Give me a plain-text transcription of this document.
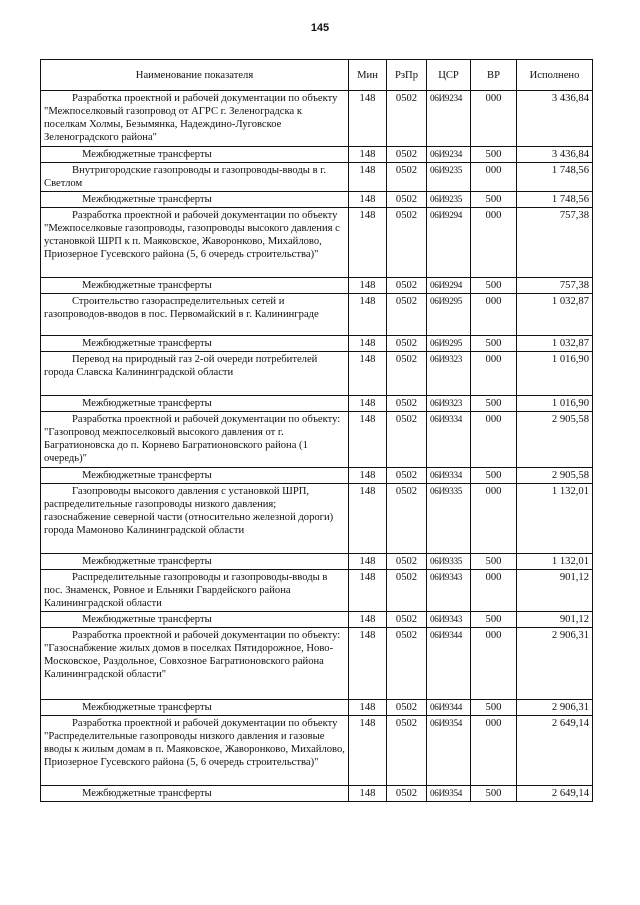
145
Наименование показателя	Мин	РзПр	ЦСР	ВР	Исполнено
Разработка проектной и рабочей документации по объекту "Межпоселковый газопровод от АГРС г. Зеленоградска к поселкам Холмы, Безымянка, Надеждино-Луговское Зеленоградского района"	148	0502	06И9234	000	3 436,84
Межбюджетные трансферты	148	0502	06И9234	500	3 436,84
Внутригородские газопроводы и газопроводы-вводы в г. Светлом	148	0502	06И9235	000	1 748,56
Межбюджетные трансферты	148	0502	06И9235	500	1 748,56
Разработка проектной и рабочей документации по объекту "Межпоселковые газопроводы, газопроводы высокого давления с установкой ШРП к п. Маяковское, Жаворонково, Михайлово, Приозерное Гусевского района (5, 6 очередь строительства)"	148	0502	06И9294	000	757,38
Межбюджетные трансферты	148	0502	06И9294	500	757,38
Строительство газораспределительных сетей и газопроводов-вводов в пос. Первомайский в г. Калининграде	148	0502	06И9295	000	1 032,87
Межбюджетные трансферты	148	0502	06И9295	500	1 032,87
Перевод на природный газ 2-ой очереди потребителей города Славска Калининградской области	148	0502	06И9323	000	1 016,90
Межбюджетные трансферты	148	0502	06И9323	500	1 016,90
Разработка проектной и рабочей документации по объекту: "Газопровод межпоселковый высокого давления от г. Багратионовска до п. Корнево Багратионовского района (1 очередь)"	148	0502	06И9334	000	2 905,58
Межбюджетные трансферты	148	0502	06И9334	500	2 905,58
Газопроводы высокого давления с установкой ШРП, распределительные газопроводы низкого давления; газоснабжение северной части (относительно железной дороги) города Мамоново Калининградской области	148	0502	06И9335	000	1 132,01
Межбюджетные трансферты	148	0502	06И9335	500	1 132,01
Распределительные газопроводы и газопроводы-вводы в пос. Знаменск, Ровное и Ельняки Гвардейского района Калининградской области	148	0502	06И9343	000	901,12
Межбюджетные трансферты	148	0502	06И9343	500	901,12
Разработка проектной и рабочей документации по объекту: "Газоснабжение жилых домов в поселках Пятидорожное, Ново-Московское, Раздольное, Совхозное Багратионовского района Калининградской области"	148	0502	06И9344	000	2 906,31
Межбюджетные трансферты	148	0502	06И9344	500	2 906,31
Разработка проектной и рабочей документации по объекту "Распределительные газопроводы низкого давления и газовые вводы к жилым домам в п. Маяковское, Жаворонково, Михайлово, Приозерное Гусевского района (5, 6 очередь строительства)"	148	0502	06И9354	000	2 649,14
Межбюджетные трансферты	148	0502	06И9354	500	2 649,14
